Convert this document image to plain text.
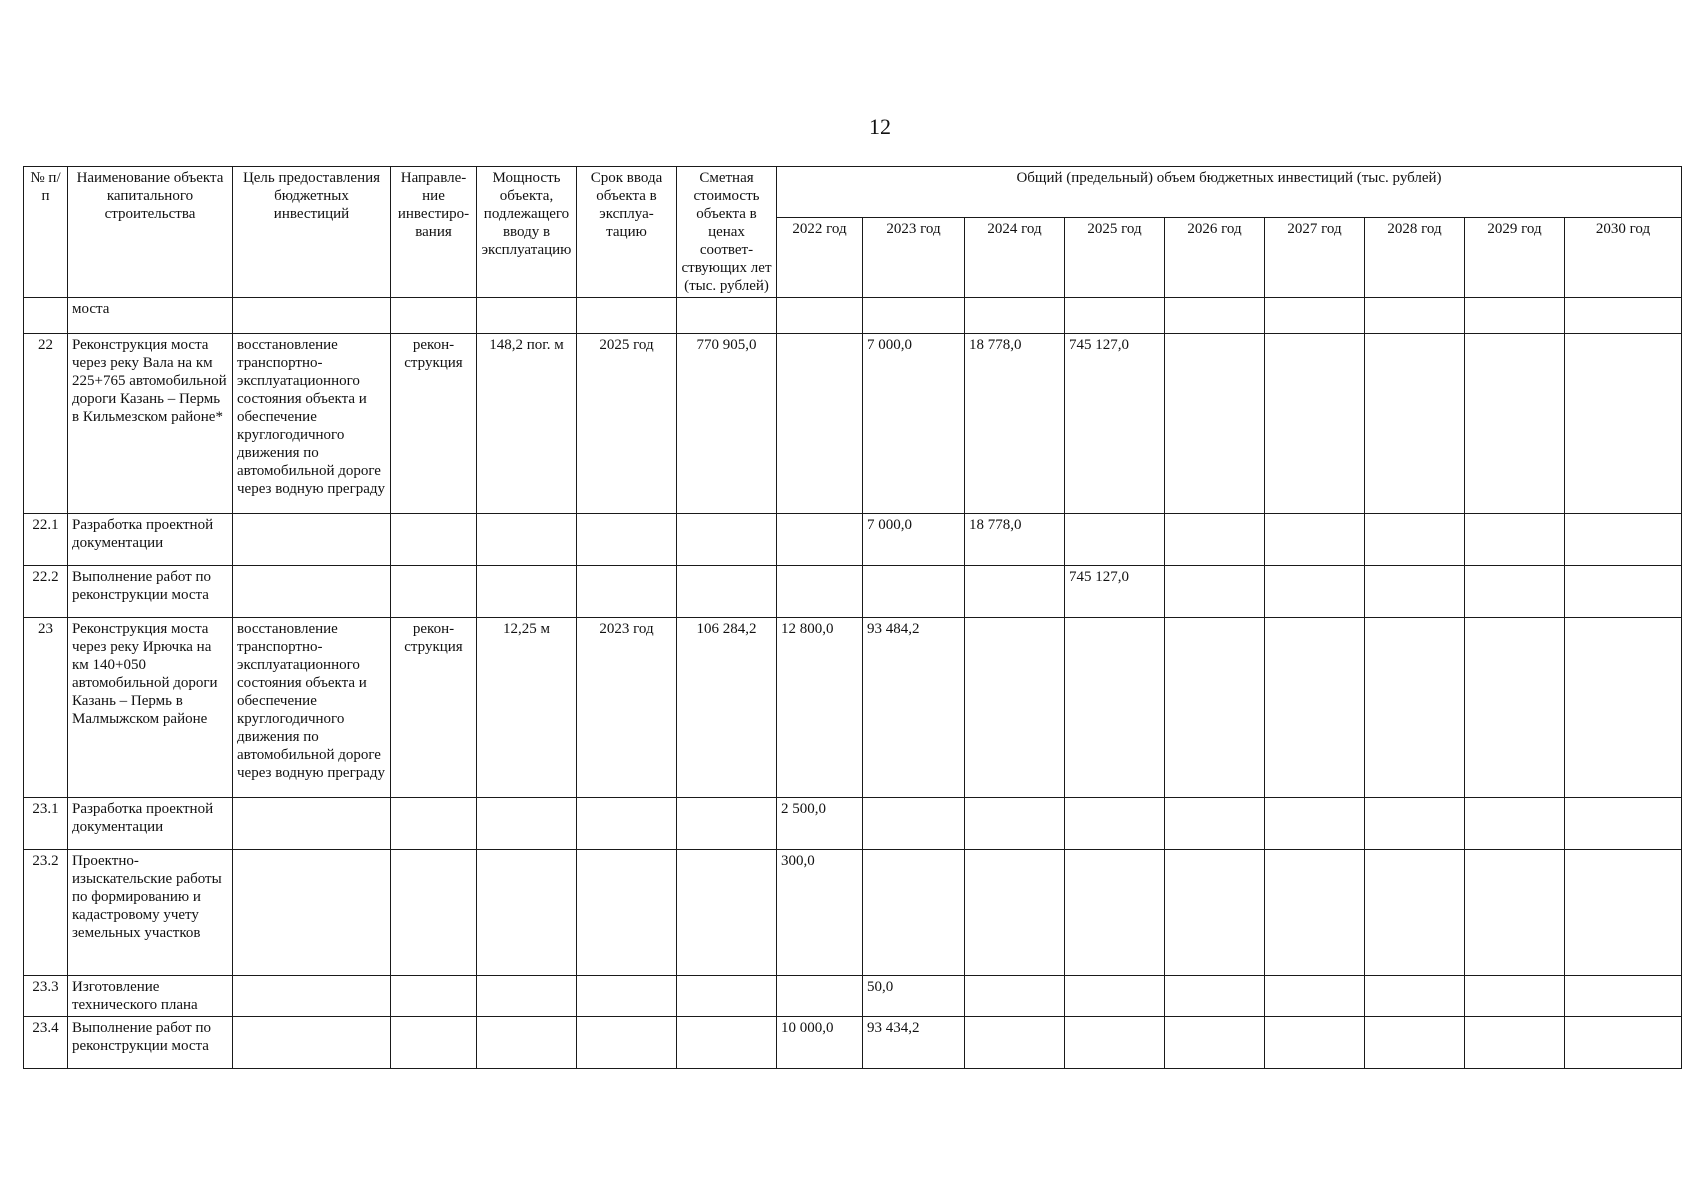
12
№ п/п	Наименование объекта капитального строительства	Цель предоставления бюджетных инвестиций	Направле-ние инвестиро-вания	Мощность объекта, подлежащего вводу в эксплуатацию	Срок ввода объекта в эксплуа-тацию	Сметная стоимость объекта в ценах соответ-ствующих лет (тыс. рублей)	Общий (предельный) объем бюджетных инвестиций (тыс. рублей)								
							2022 год	2023 год	2024 год	2025 год	2026 год	2027 год	2028 год	2029 год	2030 год
	моста														
22	Реконструкция моста через реку Вала на км 225+765 автомобильной дороги Казань – Пермь в Кильмезском районе*	восстановление транспортно-эксплуатационного состояния объекта и обеспечение круглогодичного движения по автомобильной дороге через водную преграду	рекон-струкция	148,2 пог. м	2025 год	770 905,0		7 000,0	18 778,0	745 127,0					
22.1	Разработка проектной документации							7 000,0	18 778,0						
22.2	Выполнение работ по реконструкции моста									745 127,0					
23	Реконструкция моста через реку Ирючка на км 140+050 автомобильной дороги Казань – Пермь в Малмыжском районе	восстановление транспортно-эксплуатационного состояния объекта и обеспечение круглогодичного движения по автомобильной дороге через водную преграду	рекон-струкция	12,25 м	2023 год	106 284,2	12 800,0	93 484,2							
23.1	Разработка проектной документации						2 500,0								
23.2	Проектно-изыскательские работы по формированию и кадастровому учету земельных участков						300,0								
23.3	Изготовление технического плана							50,0							
23.4	Выполнение работ по реконструкции моста						10 000,0	93 434,2							
